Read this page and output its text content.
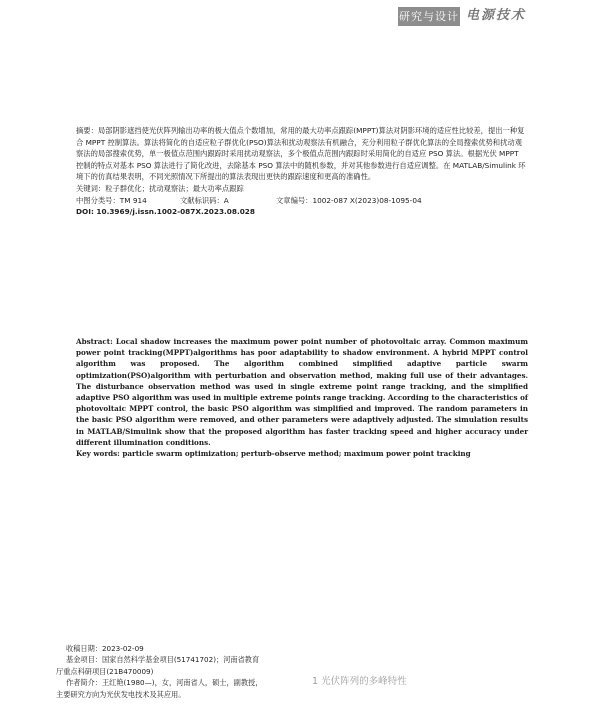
研究与设计 电源技术

摘要：局部阴影遮挡使光伏阵列输出功率的极大值点个数增加，常用的最大功率点跟踪(MPPT)算法对阴影环境的适应性比较差，提出一种复合 MPPT 控制算法。算法将简化的自适应粒子群优化(PSO)算法和扰动观察法有机融合，充分利用粒子群优化算法的全局搜索优势和扰动观察法的局部搜索优势，单一极值点范围内跟踪时采用扰动观察法，多个极值点范围内跟踪时采用简化的自适应 PSO 算法。根据光伏 MPPT 控制的特点对基本 PSO 算法进行了简化改进，去除基本 PSO 算法中的随机参数，并对其他参数进行自适应调整。在 MATLAB/Simulink 环境下的仿真结果表明，不同光照情况下所提出的算法表现出更快的跟踪速度和更高的准确性。

关键词：粒子群优化；扰动观察法；最大功率点跟踪

中图分类号：TM 914	文献标识码：A	文章编号：1002-087 X(2023)08-1095-04

DOI: 10.3969/j.issn.1002-087X.2023.08.028

Abstract: Local shadow increases the maximum power point number of photovoltaic array. Common maximum power point tracking(MPPT)algorithms has poor adaptability to shadow environment. A hybrid MPPT control algorithm was proposed. The algorithm combined simplified adaptive particle swarm optimization(PSO)algorithm with perturbation and observation method, making full use of their advantages. The disturbance observation method was used in single extreme point range tracking, and the simplified adaptive PSO algorithm was used in multiple extreme points range tracking. According to the characteristics of photovoltaic MPPT control, the basic PSO algorithm was simplified and improved. The random parameters in the basic PSO algorithm were removed, and other parameters were adaptively adjusted. The simulation results in MATLAB/Simulink show that the proposed algorithm has faster tracking speed and higher accuracy under different illumination conditions.

Key words: particle swarm optimization; perturb-observe method; maximum power point tracking

收稿日期：2023-02-09

基金项目：国家自然科学基金项目(51741702)；河南省教育

厅重点科研项目(21B470009)

作者简介：王红艳(1980—)，女，河南省人，硕士，副教授，

主要研究方向为光伏发电技术及其应用。

1 光伏阵列的多峰特性
